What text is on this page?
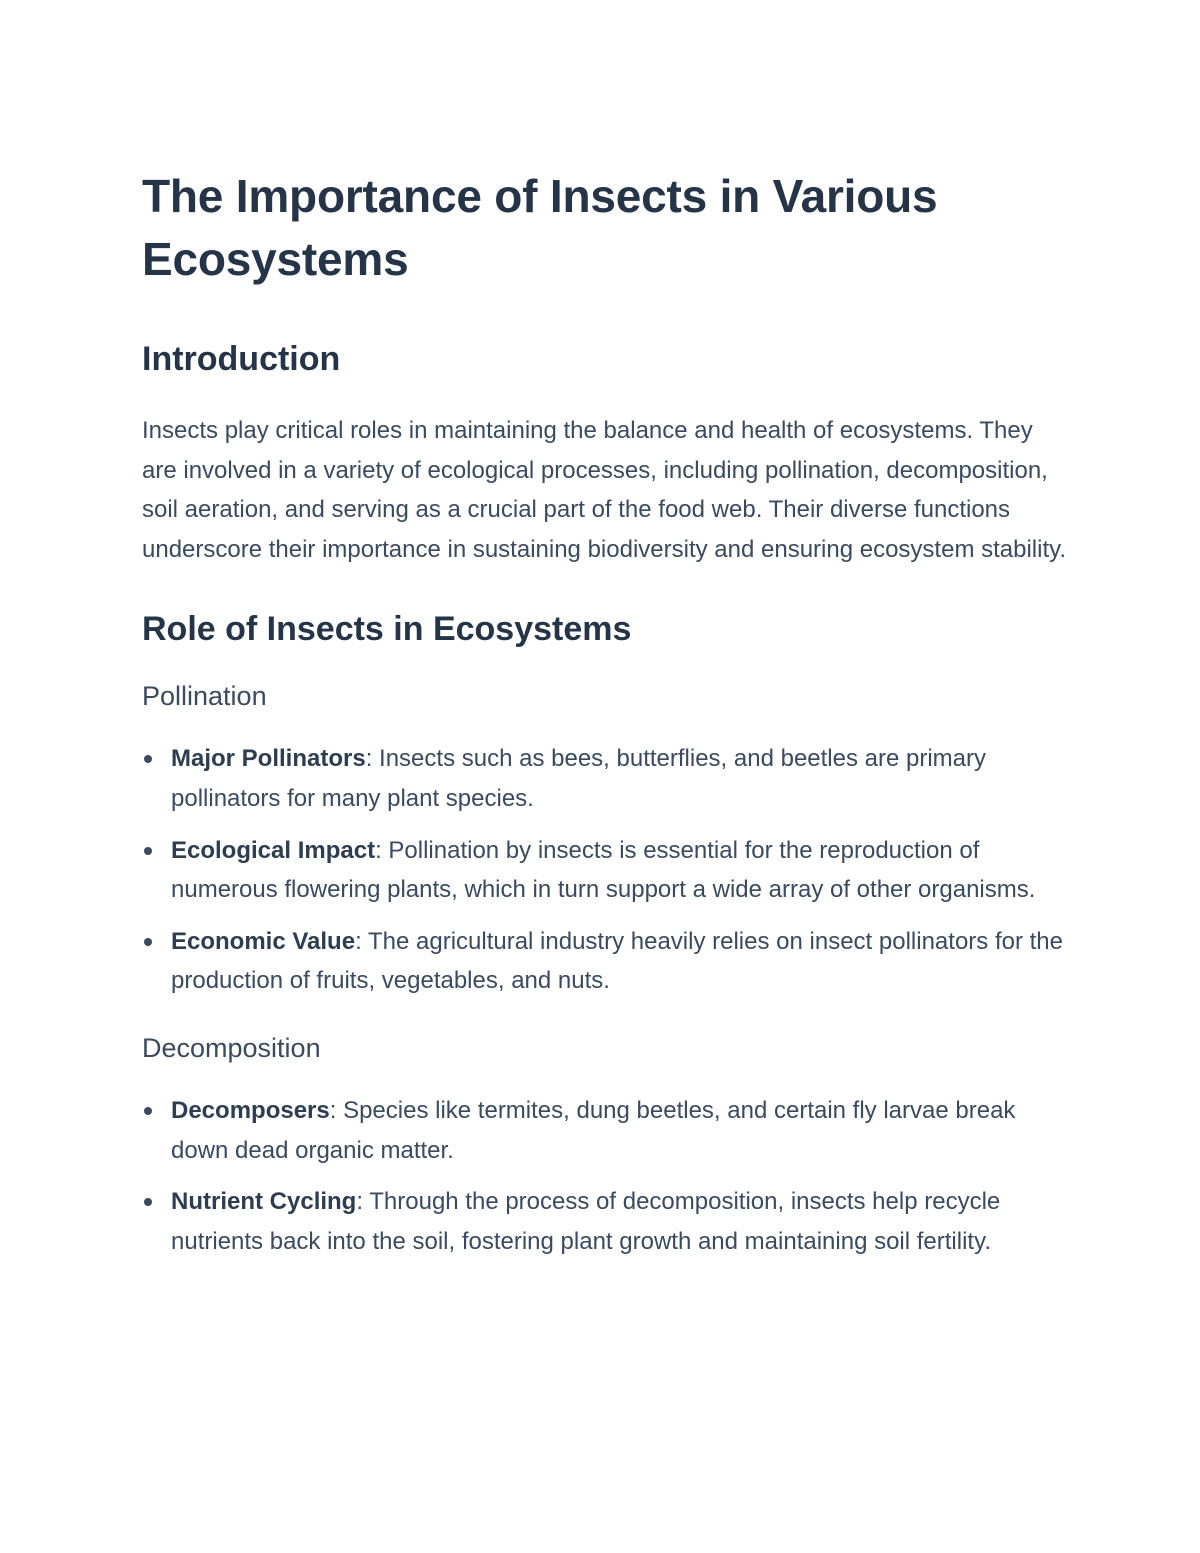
The Importance of Insects in Various Ecosystems
Introduction

Insects play critical roles in maintaining the balance and health of ecosystems. They are involved in a variety of ecological processes, including pollination, decomposition, soil aeration, and serving as a crucial part of the food web. Their diverse functions underscore their importance in sustaining biodiversity and ensuring ecosystem stability.

Role of Insects in Ecosystems
Pollination
Major Pollinators: Insects such as bees, butterflies, and beetles are primary pollinators for many plant species.
Ecological Impact: Pollination by insects is essential for the reproduction of numerous flowering plants, which in turn support a wide array of other organisms.
Economic Value: The agricultural industry heavily relies on insect pollinators for the production of fruits, vegetables, and nuts.
Decomposition
Decomposers: Species like termites, dung beetles, and certain fly larvae break down dead organic matter.
Nutrient Cycling: Through the process of decomposition, insects help recycle nutrients back into the soil, fostering plant growth and maintaining soil fertility.
